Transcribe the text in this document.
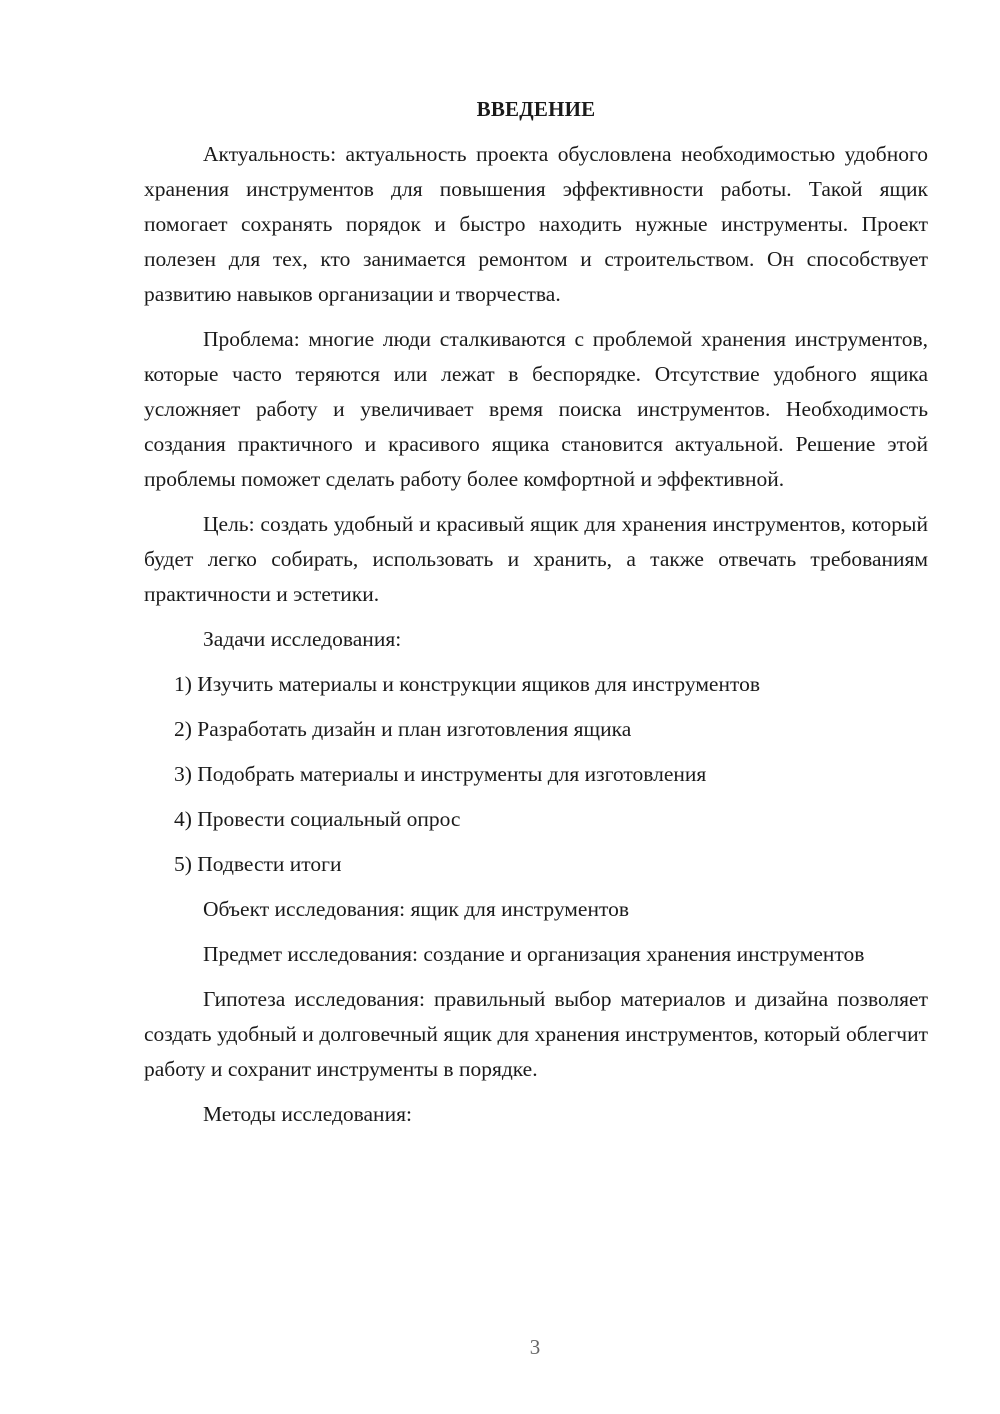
ВВЕДЕНИЕ

Актуальность: актуальность проекта обусловлена необходимостью удобного хранения инструментов для повышения эффективности работы. Такой ящик помогает сохранять порядок и быстро находить нужные инструменты. Проект полезен для тех, кто занимается ремонтом и строительством. Он способствует развитию навыков организации и творчества.

Проблема: многие люди сталкиваются с проблемой хранения инструментов, которые часто теряются или лежат в беспорядке. Отсутствие удобного ящика усложняет работу и увеличивает время поиска инструментов. Необходимость создания практичного и красивого ящика становится актуальной. Решение этой проблемы поможет сделать работу более комфортной и эффективной.

Цель: создать удобный и красивый ящик для хранения инструментов, который будет легко собирать, использовать и хранить, а также отвечать требованиям практичности и эстетики.

Задачи исследования:

1) Изучить материалы и конструкции ящиков для инструментов

2) Разработать дизайн и план изготовления ящика

3) Подобрать материалы и инструменты для изготовления

4) Провести социальный опрос

5) Подвести итоги

Объект исследования: ящик для инструментов

Предмет исследования: создание и организация хранения инструментов

Гипотеза исследования: правильный выбор материалов и дизайна позволяет создать удобный и долговечный ящик для хранения инструментов, который облегчит работу и сохранит инструменты в порядке.

Методы исследования:

3
